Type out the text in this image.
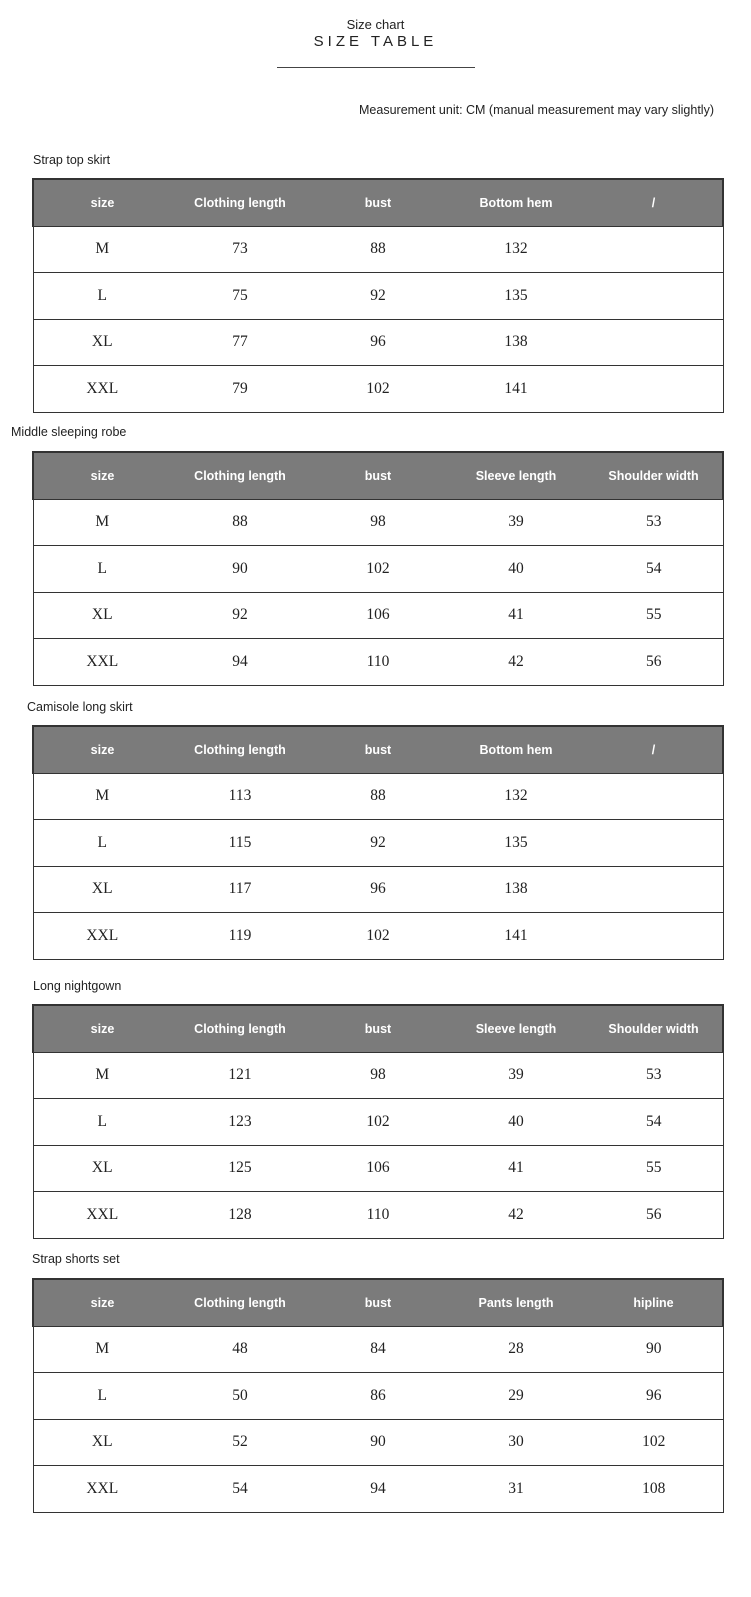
Size chart
SIZE TABLE
Measurement unit: CM (manual measurement may vary slightly)
Strap top skirt
size	Clothing length	bust	Bottom hem	/
M	73	88	132	
L	75	92	135	
XL	77	96	138	
XXL	79	102	141	
Middle sleeping robe
size	Clothing length	bust	Sleeve length	Shoulder width
M	88	98	39	53
L	90	102	40	54
XL	92	106	41	55
XXL	94	110	42	56
Camisole long skirt
size	Clothing length	bust	Bottom hem	/
M	113	88	132	
L	115	92	135	
XL	117	96	138	
XXL	119	102	141	
Long nightgown
size	Clothing length	bust	Sleeve length	Shoulder width
M	121	98	39	53
L	123	102	40	54
XL	125	106	41	55
XXL	128	110	42	56
Strap shorts set
size	Clothing length	bust	Pants length	hipline
M	48	84	28	90
L	50	86	29	96
XL	52	90	30	102
XXL	54	94	31	108
